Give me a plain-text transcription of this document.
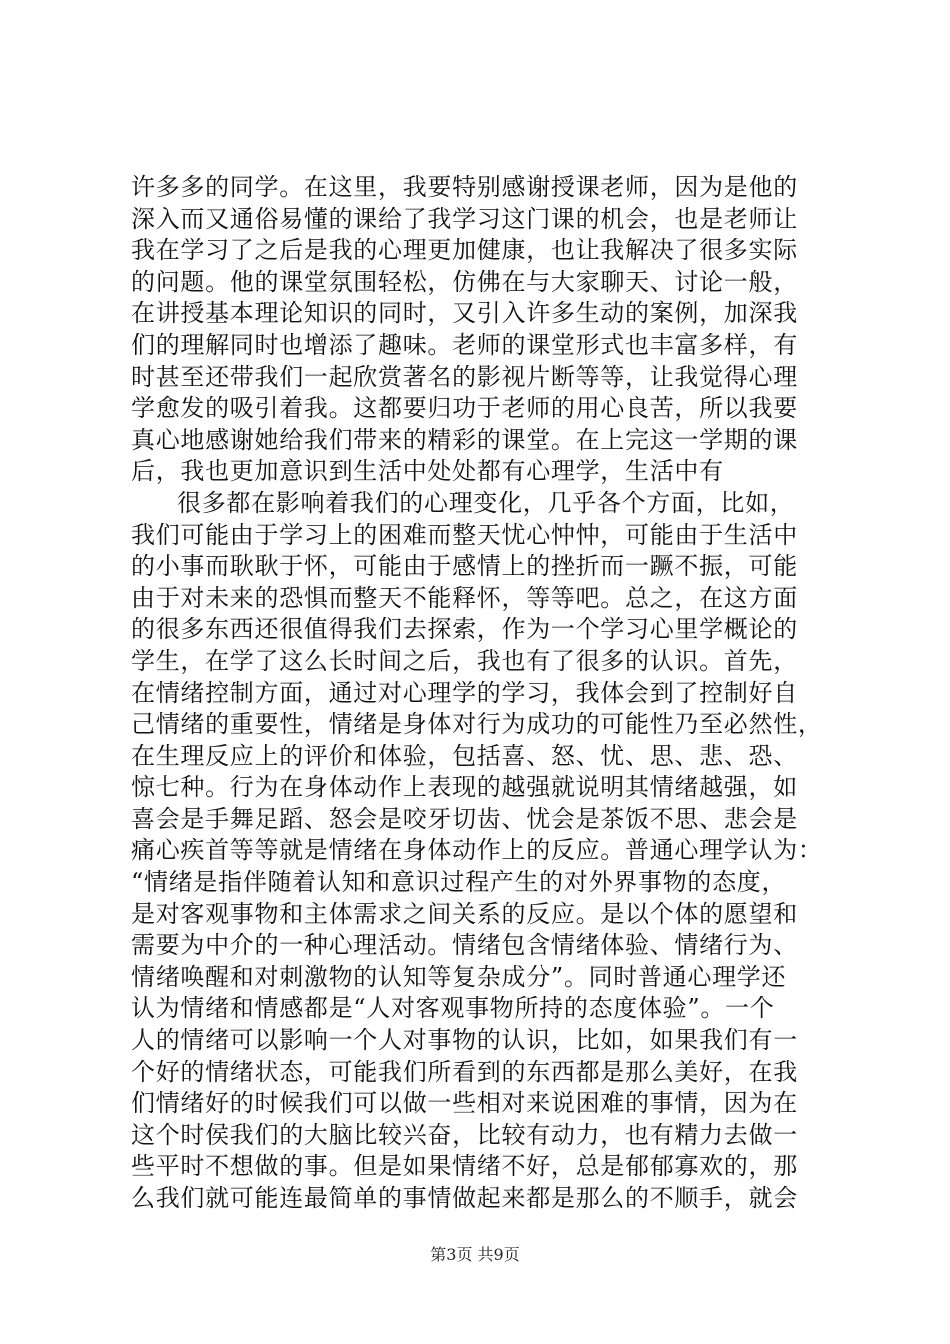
许多多的同学。在这里，我要特别感谢授课老师，因为是他的
深入而又通俗易懂的课给了我学习这门课的机会，也是老师让
我在学习了之后是我的心理更加健康，也让我解决了很多实际
的问题。他的课堂氛围轻松，仿佛在与大家聊天、讨论一般，
在讲授基本理论知识的同时，又引入许多生动的案例，加深我
们的理解同时也增添了趣味。老师的课堂形式也丰富多样，有
时甚至还带我们一起欣赏著名的影视片断等等，让我觉得心理
学愈发的吸引着我。这都要归功于老师的用心良苦，所以我要
真心地感谢她给我们带来的精彩的课堂。在上完这一学期的课
后，我也更加意识到生活中处处都有心理学，生活中有
很多都在影响着我们的心理变化，几乎各个方面，比如，
我们可能由于学习上的困难而整天忧心忡忡，可能由于生活中
的小事而耿耿于怀，可能由于感情上的挫折而一蹶不振，可能
由于对未来的恐惧而整天不能释怀，等等吧。总之，在这方面
的很多东西还很值得我们去探索，作为一个学习心里学概论的
学生，在学了这么长时间之后，我也有了很多的认识。首先，
在情绪控制方面，通过对心理学的学习，我体会到了控制好自
己情绪的重要性，情绪是身体对行为成功的可能性乃至必然性，
在生理反应上的评价和体验，包括喜、怒、忧、思、悲、恐、
惊七种。行为在身体动作上表现的越强就说明其情绪越强，如
喜会是手舞足蹈、怒会是咬牙切齿、忧会是茶饭不思、悲会是
痛心疾首等等就是情绪在身体动作上的反应。普通心理学认为：
“情绪是指伴随着认知和意识过程产生的对外界事物的态度，
是对客观事物和主体需求之间关系的反应。是以个体的愿望和
需要为中介的一种心理活动。情绪包含情绪体验、情绪行为、
情绪唤醒和对刺激物的认知等复杂成分”。同时普通心理学还
认为情绪和情感都是“人对客观事物所持的态度体验”。一个
人的情绪可以影响一个人对事物的认识，比如，如果我们有一
个好的情绪状态，可能我们所看到的东西都是那么美好，在我
们情绪好的时候我们可以做一些相对来说困难的事情，因为在
这个时侯我们的大脑比较兴奋，比较有动力，也有精力去做一
些平时不想做的事。但是如果情绪不好，总是郁郁寡欢的，那
么我们就可能连最简单的事情做起来都是那么的不顺手，就会
第3页 共9页
